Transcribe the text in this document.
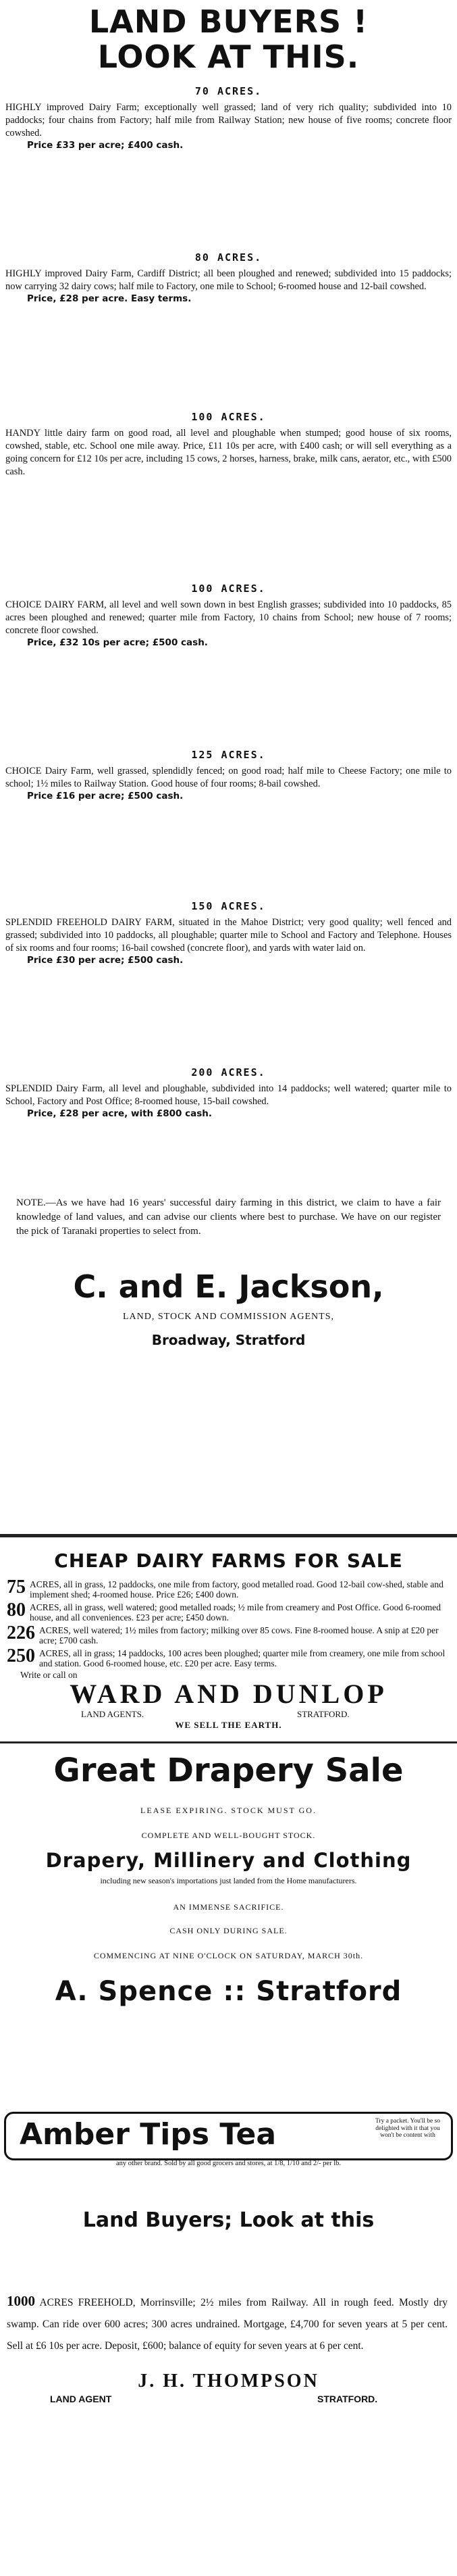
LAND BUYERS !
LOOK AT THIS.
70 ACRES.
HIGHLY improved Dairy Farm; exceptionally well grassed; land of very rich quality; subdivided into 10 paddocks; four chains from Factory; half mile from Railway Station; new house of five rooms; concrete floor cowshed.
Price £33 per acre; £400 cash.
80 ACRES.
HIGHLY improved Dairy Farm, Cardiff District; all been ploughed and renewed; subdivided into 15 paddocks; now carrying 32 dairy cows; half mile to Factory, one mile to School; 6-roomed house and 12-bail cowshed.
Price, £28 per acre. Easy terms.
100 ACRES.
HANDY little dairy farm on good road, all level and ploughable when stumped; good house of six rooms, cowshed, stable, etc. School one mile away. Price, £11 10s per acre, with £400 cash; or will sell everything as a going concern for £12 10s per acre, including 15 cows, 2 horses, harness, brake, milk cans, aerator, etc., with £500 cash.
100 ACRES.
CHOICE DAIRY FARM, all level and well sown down in best English grasses; subdivided into 10 paddocks, 85 acres been ploughed and renewed; quarter mile from Factory, 10 chains from School; new house of 7 rooms; concrete floor cowshed.
Price, £32 10s per acre; £500 cash.
125 ACRES.
CHOICE Dairy Farm, well grassed, splendidly fenced; on good road; half mile to Cheese Factory; one mile to school; 1½ miles to Railway Station. Good house of four rooms; 8-bail cowshed.
Price £16 per acre; £500 cash.
150 ACRES.
SPLENDID FREEHOLD DAIRY FARM, situated in the Mahoe District; very good quality; well fenced and grassed; subdivided into 10 paddocks, all ploughable; quarter mile to School and Factory and Telephone. Houses of six rooms and four rooms; 16-bail cowshed (concrete floor), and yards with water laid on.
Price £30 per acre; £500 cash.
200 ACRES.
SPLENDID Dairy Farm, all level and ploughable, subdivided into 14 paddocks; well watered; quarter mile to School, Factory and Post Office; 8-roomed house, 15-bail cowshed.
Price, £28 per acre, with £800 cash.
NOTE.—As we have had 16 years' successful dairy farming in this district, we claim to have a fair knowledge of land values, and can advise our clients where best to purchase. We have on our register the pick of Taranaki properties to select from.
C. and E. Jackson,
LAND, STOCK AND COMMISSION AGENTS,
Broadway, Stratford
CHEAP DAIRY FARMS FOR SALE
75 ACRES, all in grass, 12 paddocks, one mile from factory, good metalled road. Good 12-bail cow-shed, stable and implement shed; 4-roomed house. Price £26; £400 down.
80 ACRES, all in grass, well watered; good metalled roads; ½ mile from creamery and Post Office. Good 6-roomed house, and all conveniences. £23 per acre; £450 down.
226 ACRES, well watered; 1½ miles from factory; milking over 85 cows. Fine 8-roomed house. A snip at £20 per acre; £700 cash.
250 ACRES, all in grass; 14 paddocks, 100 acres been ploughed; quarter mile from creamery, one mile from school and station. Good 6-roomed house, etc. £20 per acre. Easy terms.
Write or call on
WARD AND DUNLOP
LAND AGENTS.	STRATFORD.
WE SELL THE EARTH.
Great Drapery Sale
LEASE EXPIRING. STOCK MUST GO.
COMPLETE AND WELL-BOUGHT STOCK.
Drapery, Millinery and Clothing
including new season's importations just landed from the Home manufacturers.
AN IMMENSE SACRIFICE.
CASH ONLY DURING SALE.
COMMENCING AT NINE O'CLOCK ON SATURDAY, MARCH 30th.
A. Spence :: Stratford
Amber Tips Tea	Try a packet. You'll be so delighted with it that you won't be content with
any other brand. Sold by all good grocers and stores, at 1/8, 1/10 and 2/- per lb.
Land Buyers; Look at this
1000 ACRES FREEHOLD, Morrinsville; 2½ miles from Railway. All in rough feed. Mostly dry swamp. Can ride over 600 acres; 300 acres undrained. Mortgage, £4,700 for seven years at 5 per cent. Sell at £6 10s per acre. Deposit, £600; balance of equity for seven years at 6 per cent.
J. H. THOMPSON
LAND AGENT	STRATFORD.
